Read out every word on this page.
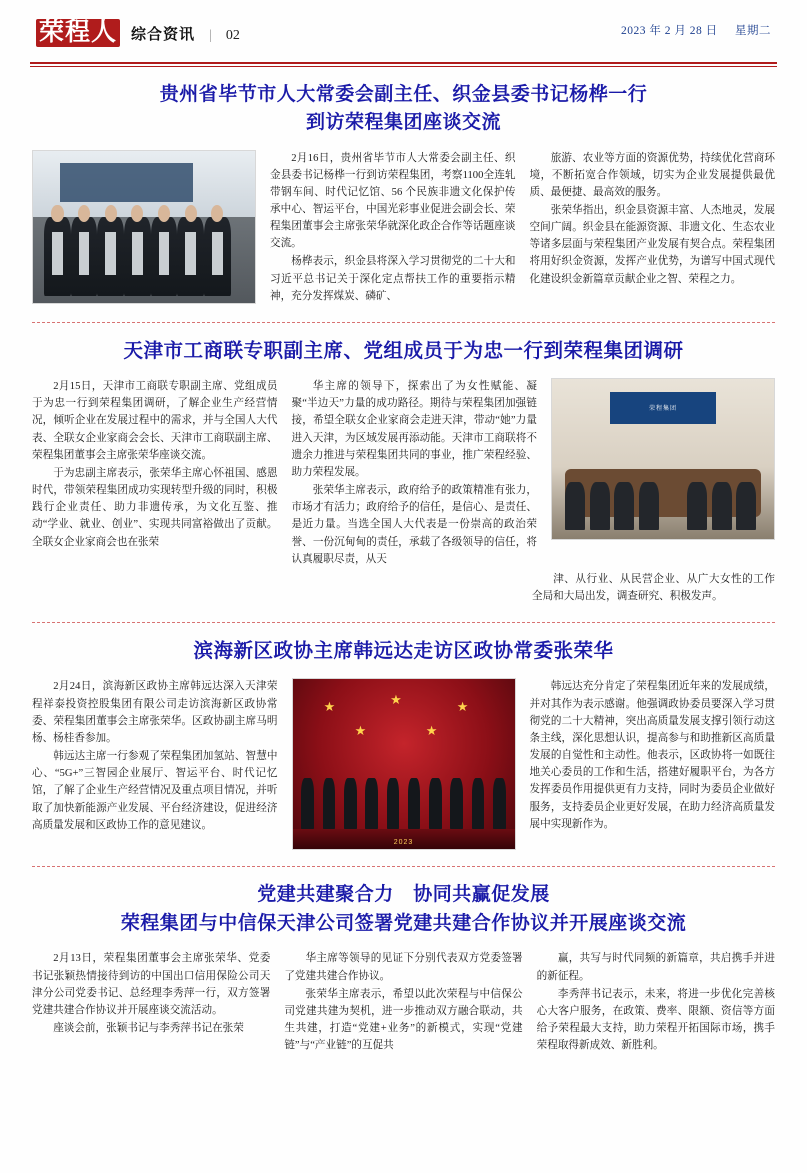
荣程人 综合资讯 | 02	2023 年 2 月 28 日 星期二
贵州省毕节市人大常委会副主任、织金县委书记杨桦一行
到访荣程集团座谈交流

2月16日，贵州省毕节市人大常委会副主任、织金县委书记杨桦一行到访荣程集团，考察1100全连轧带钢车间、时代记忆馆、56 个民族非遗文化保护传承中心、智运平台，中国光彩事业促进会副会长、荣程集团董事会主席张荣华就深化政企合作等话题座谈交流。

杨桦表示，织金县将深入学习贯彻党的二十大和习近平总书记关于深化定点帮扶工作的重要指示精神，充分发挥煤炭、磷矿、

旅游、农业等方面的资源优势，持续优化营商环境，不断拓宽合作领域，切实为企业发展提供最优质、最便捷、最高效的服务。

张荣华指出，织金县资源丰富、人杰地灵，发展空间广阔。织金县在能源资源、非遗文化、生态农业等诸多层面与荣程集团产业发展有契合点。荣程集团将用好织金资源，发挥产业优势，为谱写中国式现代化建设织金新篇章贡献企业之智、荣程之力。

天津市工商联专职副主席、党组成员于为忠一行到荣程集团调研

2月15日，天津市工商联专职副主席、党组成员于为忠一行到荣程集团调研，了解企业生产经营情况，倾听企业在发展过程中的需求，并与全国人大代表、全联女企业家商会会长、天津市工商联副主席、荣程集团董事会主席张荣华座谈交流。

于为忠副主席表示，张荣华主席心怀祖国、感恩时代，带领荣程集团成功实现转型升级的同时，积极践行企业责任、助力非遗传承，为文化互鉴、推动“学业、就业、创业”、实现共同富裕做出了贡献。全联女企业家商会也在张荣

华主席的领导下，探索出了为女性赋能、凝聚“半边天”力量的成功路径。期待与荣程集团加强链接，希望全联女企业家商会走进天津，带动“她”力量进入天津，为区域发展再添动能。天津市工商联将不遗余力推进与荣程集团共同的事业，推广荣程经验、助力荣程发展。

张荣华主席表示，政府给予的政策精准有张力，市场才有活力；政府给予的信任，是信心、是责任、是近力量。当选全国人大代表是一份崇高的政治荣誉、一份沉甸甸的责任，承载了各级领导的信任，将认真履职尽责，从天

荣程集团

津、从行业、从民营企业、从广大女性的工作全局和大局出发，调查研究、积极发声。

滨海新区政协主席韩远达走访区政协常委张荣华

2月24日，滨海新区政协主席韩远达深入天津荣程祥泰投资控股集团有限公司走访滨海新区政协常委、荣程集团董事会主席张荣华。区政协副主席马明杨、杨桂香参加。

韩远达主席一行参观了荣程集团加氢站、智慧中心、“5G+”三智园企业展厅、智运平台、时代记忆馆，了解了企业生产经营情况及重点项目情况，并听取了加快新能源产业发展、平台经济建设，促进经济高质量发展和区政协工作的意见建议。

★	★	★
★	★
2023

韩远达充分肯定了荣程集团近年来的发展成绩，并对其作为表示感谢。他强调政协委员要深入学习贯彻党的二十大精神，突出高质量发展支撑引领行动这条主线，深化思想认识，提高参与和助推新区高质量发展的自觉性和主动性。他表示，区政协将一如既往地关心委员的工作和生活，搭建好履职平台，为各方发挥委员作用提供更有力支持，同时为委员企业做好服务，支持委员企业更好发展，在助力经济高质量发展中实现新作为。

党建共建聚合力　协同共赢促发展
荣程集团与中信保天津公司签署党建共建合作协议并开展座谈交流

2月13日，荣程集团董事会主席张荣华、党委书记张颖热情接待到访的中国出口信用保险公司天津分公司党委书记、总经理李秀萍一行，双方签署党建共建合作协议并开展座谈交流活动。

座谈会前，张颖书记与李秀萍书记在张荣

华主席等领导的见证下分别代表双方党委签署了党建共建合作协议。

张荣华主席表示，希望以此次荣程与中信保公司党建共建为契机，进一步推动双方融合联动，共生共建，打造“党建+业务”的新模式，实现“党建链”与“产业链”的互促共

赢，共写与时代同频的新篇章，共启携手并进的新征程。

李秀萍书记表示，未来，将进一步优化完善核心大客户服务，在政策、费率、限额、资信等方面给予荣程最大支持，助力荣程开拓国际市场，携手荣程取得新成效、新胜利。
